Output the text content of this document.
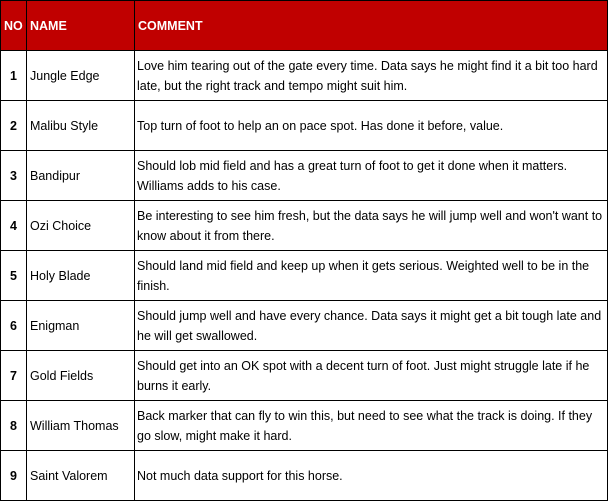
NO	NAME	COMMENT
1	Jungle Edge	Love him tearing out of the gate every time. Data says he might find it a bit too hard late, but the right track and tempo might suit him.
2	Malibu Style	Top turn of foot to help an on pace spot. Has done it before, value.
3	Bandipur	Should lob mid field and has a great turn of foot to get it done when it matters. Williams adds to his case.
4	Ozi Choice	Be interesting to see him fresh, but the data says he will jump well and won't want to know about it from there.
5	Holy Blade	Should land mid field and keep up when it gets serious. Weighted well to be in the finish.
6	Enigman	Should jump well and have every chance. Data says it might get a bit tough late and he will get swallowed.
7	Gold Fields	Should get into an OK spot with a decent turn of foot. Just might struggle late if he burns it early.
8	William Thomas	Back marker that can fly to win this, but need to see what the track is doing. If they go slow, might make it hard.
9	Saint Valorem	Not much data support for this horse.
